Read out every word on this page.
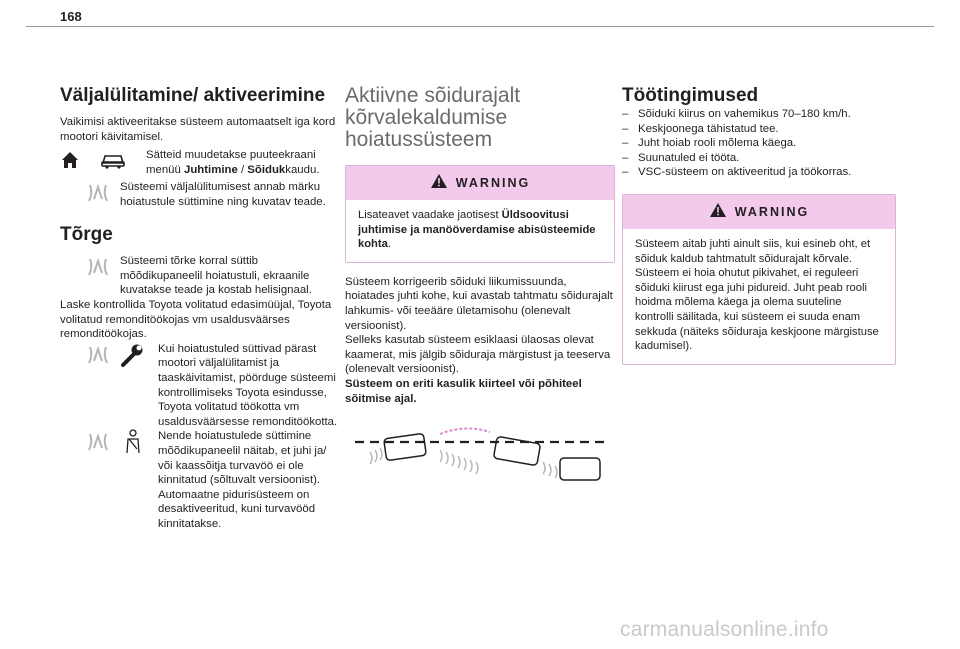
168
Väljalülitamine/ aktiveerimine

Vaikimisi aktiveeritakse süsteem automaatselt iga kord mootori käivitamisel.

Sätteid muudetakse puuteekraani menüü Juhtimine / Sõidukkaudu.
Süsteemi väljalülitumisest annab märku hoiatustule süttimine ning kuvatav teade.
Tõrge
Süsteemi tõrke korral süttib mõõdikupaneelil hoiatustuli, ekraanile kuvatakse teade ja kostab helisignaal.

Laske kontrollida Toyota volitatud edasimüüjal, Toyota volitatud remonditöökojas vm usaldusväärses remonditöökojas.

Kui hoiatustuled süttivad pärast mootori väljalülitamist ja taaskäivitamist, pöörduge süsteemi kontrollimiseks Toyota esindusse, Toyota volitatud töökotta vm usaldusväärsesse remonditöökotta.
Nende hoiatustulede süttimine mõõdikupaneelil näitab, et juhi ja/ või kaassõitja turvavöö ei ole kinnitatud (sõltuvalt versioonist). Automaatne pidurisüsteem on desaktiveeritud, kuni turvavööd kinnitatakse.
Aktiivne sõidurajalt kõrvalekaldumise hoiatussüsteem
WARNING
Lisateavet vaadake jaotisest Üldsoovitusi juhtimise ja manööverdamise abisüsteemide kohta.

Süsteem korrigeerib sõiduki liikumissuunda, hoiatades juhti kohe, kui avastab tahtmatu sõidurajalt lahkumis- või teeääre ületamisohu (olenevalt versioonist).

Selleks kasutab süsteem esiklaasi ülaosas olevat kaamerat, mis jälgib sõiduraja märgistust ja teeserva (olenevalt versioonist).

Süsteem on eriti kasulik kiirteel või põhiteel sõitmise ajal.

Töötingimused
– Sõiduki kiirus on vahemikus 70–180 km/h.
– Keskjoonega tähistatud tee.
– Juht hoiab rooli mõlema käega.
– Suunatuled ei tööta.
– VSC-süsteem on aktiveeritud ja töökorras.
WARNING
Süsteem aitab juhti ainult siis, kui esineb oht, et sõiduk kaldub tahtmatult sõidurajalt kõrvale. Süsteem ei hoia ohutut pikivahet, ei reguleeri sõiduki kiirust ega juhi pidureid. Juht peab rooli hoidma mõlema käega ja olema suuteline kontrolli säilitada, kui süsteem ei suuda enam sekkuda (näiteks sõiduraja keskjoone märgistuse kadumisel).
carmanualsonline.info
